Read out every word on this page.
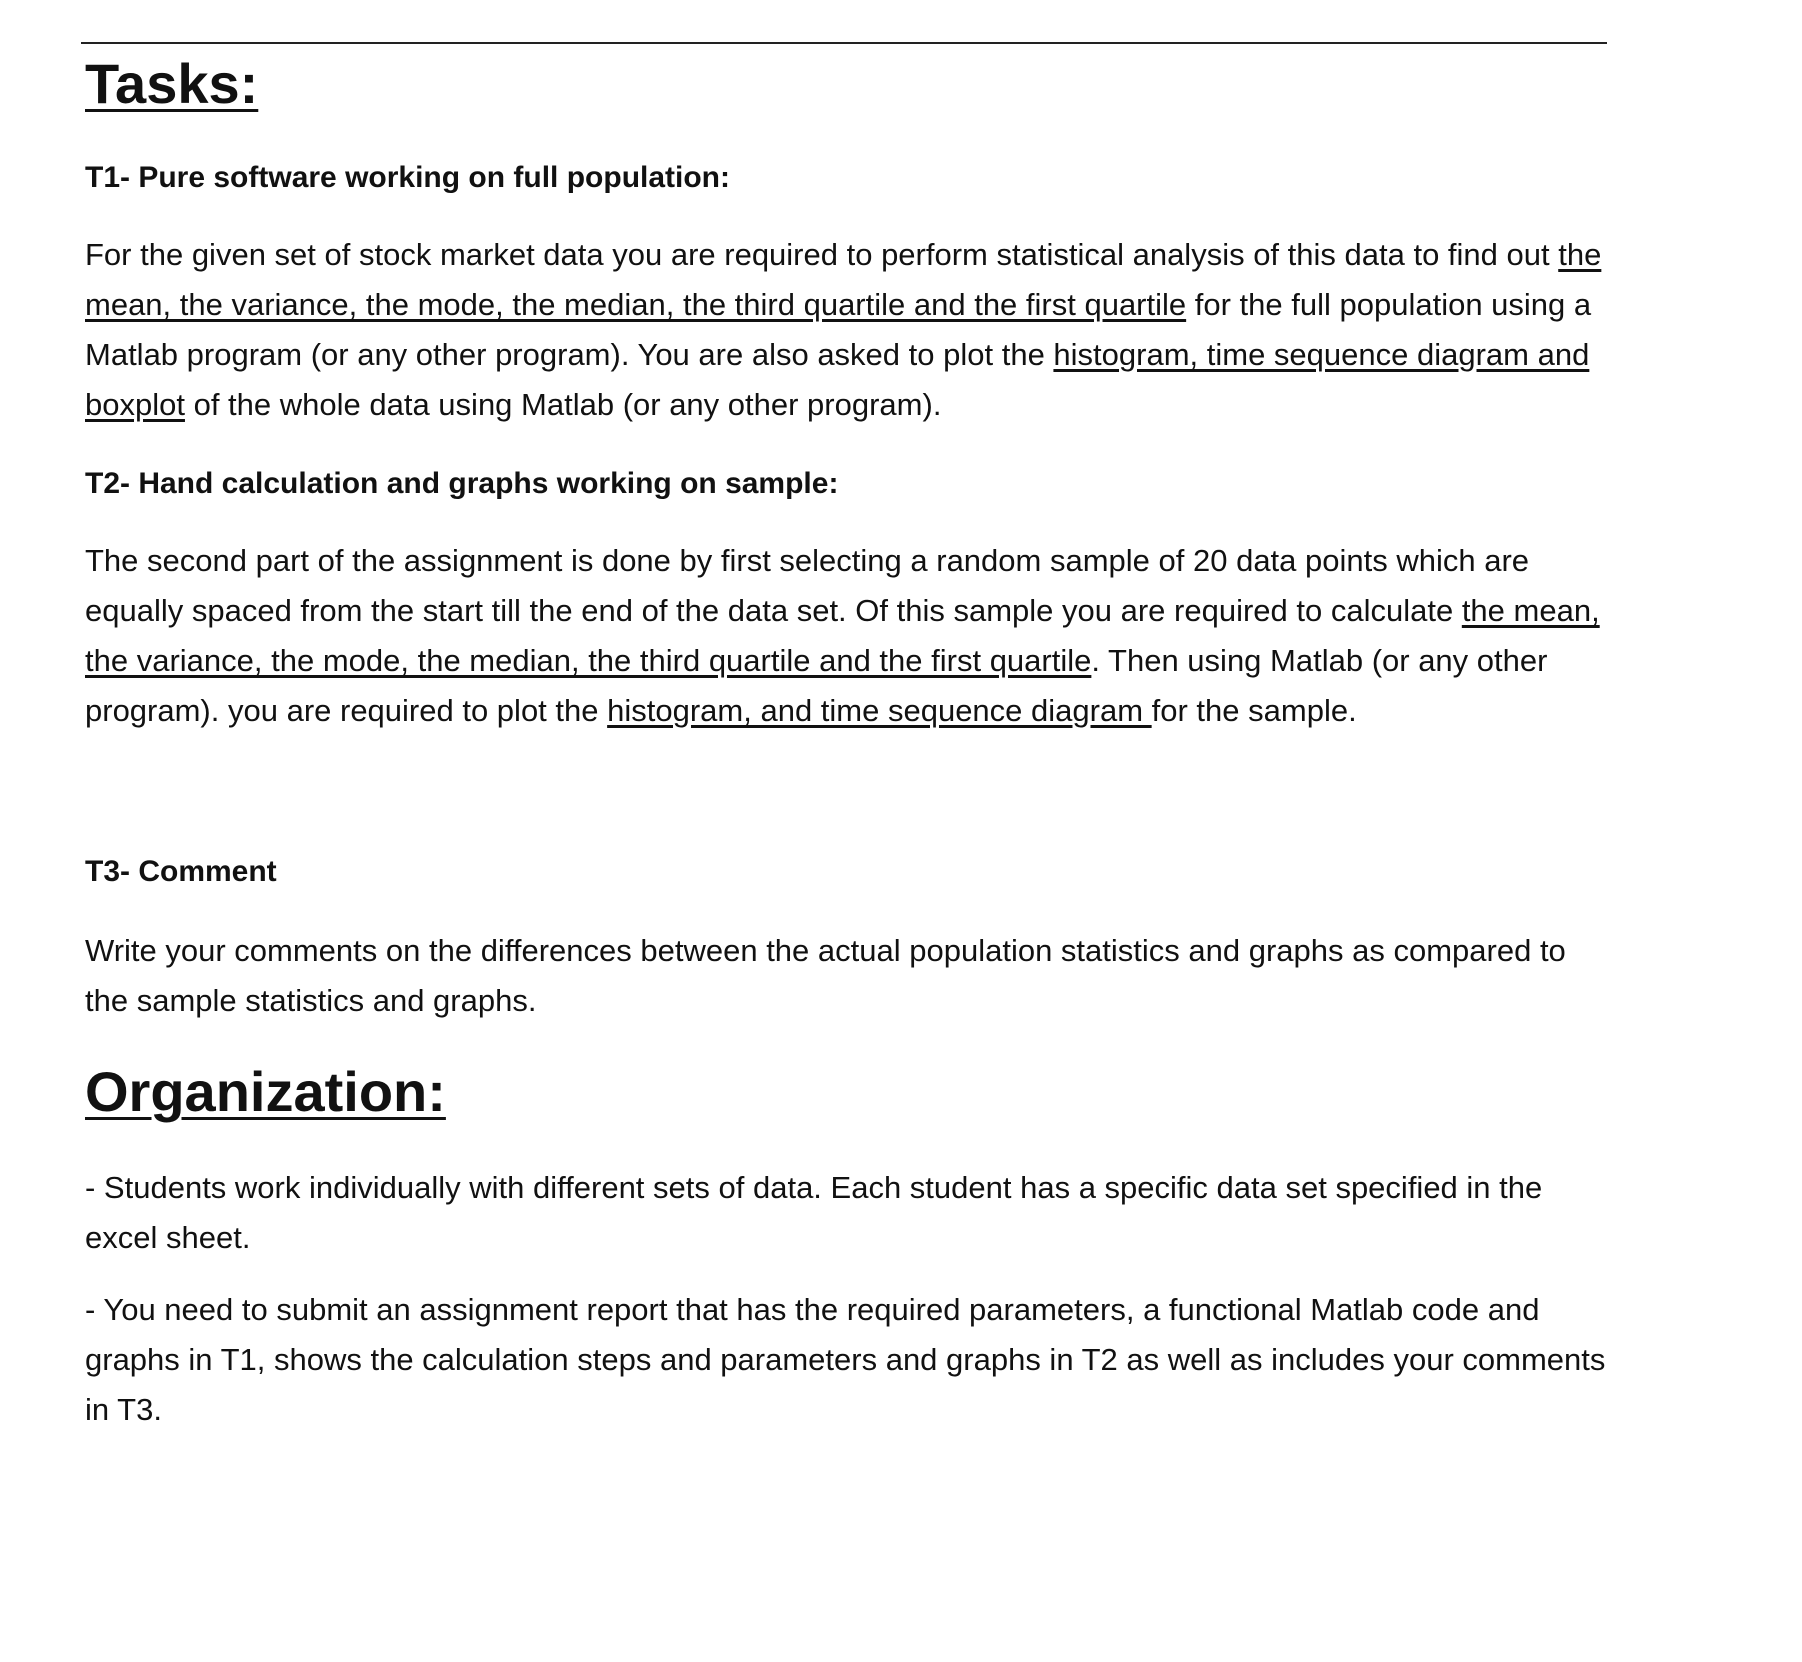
Tasks:
T1- Pure software working on full population:

For the given set of stock market data you are required to perform statistical analysis of this data to find out the mean, the variance, the mode, the median, the third quartile and the first quartile for the full population using a Matlab program (or any other program). You are also asked to plot the histogram, time sequence diagram and boxplot of the whole data using Matlab (or any other program).

T2- Hand calculation and graphs working on sample:

The second part of the assignment is done by first selecting a random sample of 20 data points which are equally spaced from the start till the end of the data set. Of this sample you are required to calculate the mean, the variance, the mode, the median, the third quartile and the first quartile. Then using Matlab (or any other program). you are required to plot the histogram, and time sequence diagram for the sample.

T3- Comment

Write your comments on the differences between the actual population statistics and graphs as compared to the sample statistics and graphs.

Organization:

- Students work individually with different sets of data. Each student has a specific data set specified in the excel sheet.

- You need to submit an assignment report that has the required parameters, a functional Matlab code and graphs in T1, shows the calculation steps and parameters and graphs in T2 as well as includes your comments in T3.
